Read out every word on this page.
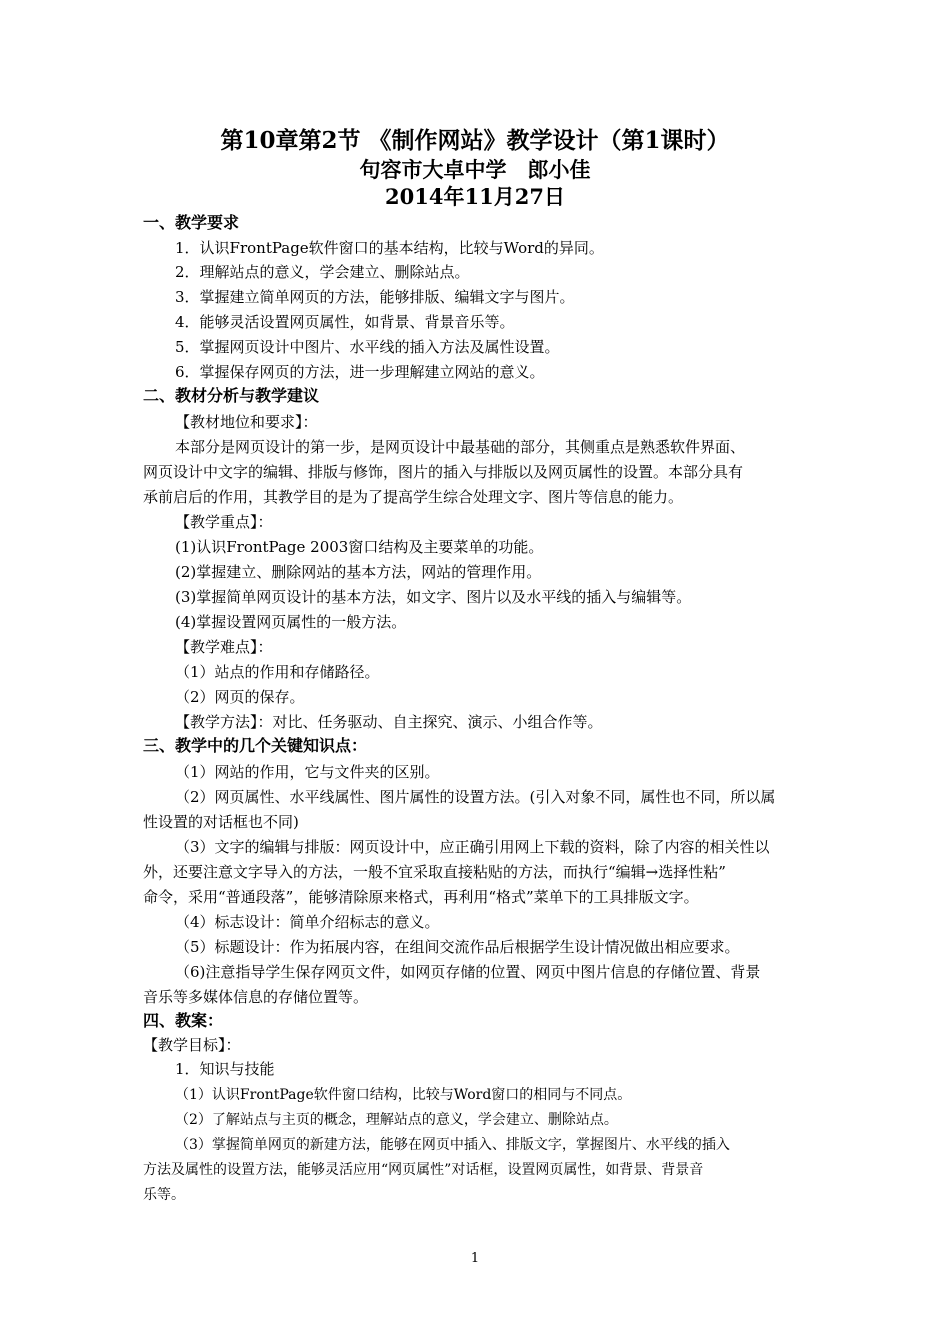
第10章第2节 《制作网站》教学设计（第1课时）
句容市大卓中学　郎小佳
2014年11月27日
一、教学要求
1．认识FrontPage软件窗口的基本结构，比较与Word的异同。
2．理解站点的意义，学会建立、删除站点。
3．掌握建立简单网页的方法，能够排版、编辑文字与图片。
4．能够灵活设置网页属性，如背景、背景音乐等。
5．掌握网页设计中图片、水平线的插入方法及属性设置。
6．掌握保存网页的方法，进一步理解建立网站的意义。
二、教材分析与教学建议
【教材地位和要求】：
本部分是网页设计的第一步，是网页设计中最基础的部分，其侧重点是熟悉软件界面、
网页设计中文字的编辑、排版与修饰，图片的插入与排版以及网页属性的设置。本部分具有
承前启后的作用，其教学目的是为了提高学生综合处理文字、图片等信息的能力。
【教学重点】：
(1)认识FrontPage 2003窗口结构及主要菜单的功能。
(2)掌握建立、删除网站的基本方法，网站的管理作用。
(3)掌握简单网页设计的基本方法，如文字、图片以及水平线的插入与编辑等。
(4)掌握设置网页属性的一般方法。
【教学难点】：
（1）站点的作用和存储路径。
（2）网页的保存。
【教学方法】：对比、任务驱动、自主探究、演示、小组合作等。
三、教学中的几个关键知识点：
（1）网站的作用，它与文件夹的区别。
（2）网页属性、水平线属性、图片属性的设置方法。(引入对象不同，属性也不同，所以属
性设置的对话框也不同)
（3）文字的编辑与排版：网页设计中，应正确引用网上下载的资料，除了内容的相关性以
外，还要注意文字导入的方法，一般不宜采取直接粘贴的方法，而执行“编辑→选择性粘”
命令，采用“普通段落”，能够清除原来格式，再利用“格式”菜单下的工具排版文字。
（4）标志设计：简单介绍标志的意义。
（5）标题设计：作为拓展内容，在组间交流作品后根据学生设计情况做出相应要求。
（6)注意指导学生保存网页文件，如网页存储的位置、网页中图片信息的存储位置、背景
音乐等多媒体信息的存储位置等。
四、教案：
【教学目标】：
1．知识与技能
（1）认识FrontPage软件窗口结构，比较与Word窗口的相同与不同点。
（2）了解站点与主页的概念，理解站点的意义，学会建立、删除站点。
（3）掌握简单网页的新建方法，能够在网页中插入、排版文字，掌握图片、水平线的插入
方法及属性的设置方法，能够灵活应用“网页属性”对话框，设置网页属性，如背景、背景音
乐等。
1
